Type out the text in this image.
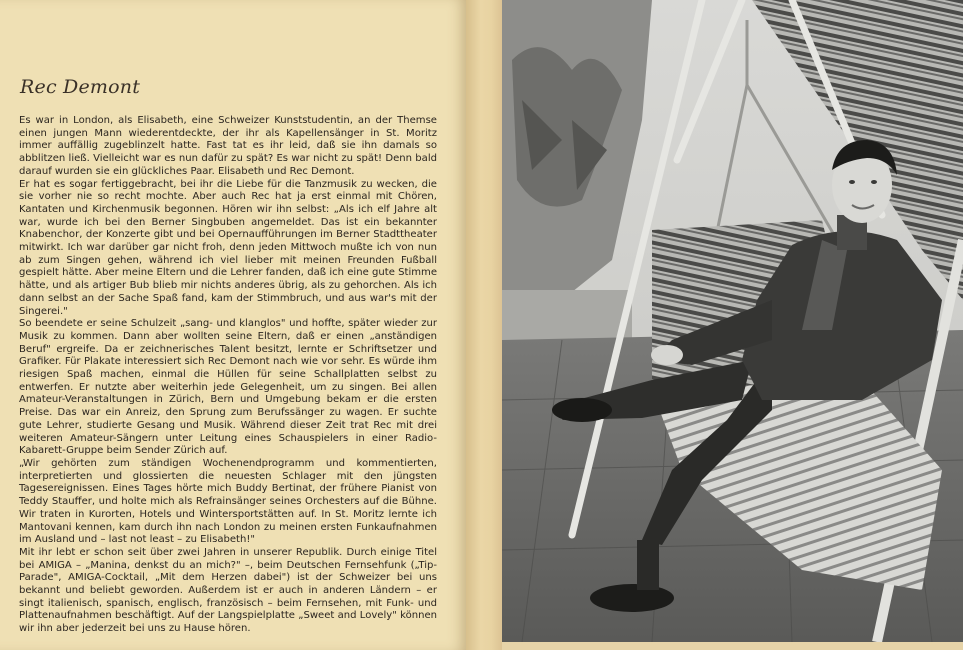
Rec Demont

Es war in London, als Elisabeth, eine Schweizer Kunststudentin, an der Themse einen jungen Mann wiederentdeckte, der ihr als Kapellensänger in St. Moritz immer auffällig zugeblinzelt hatte. Fast tat es ihr leid, daß sie ihn damals so abblitzen ließ. Vielleicht war es nun dafür zu spät? Es war nicht zu spät! Denn bald darauf wurden sie ein glückliches Paar. Elisabeth und Rec Demont.

Er hat es sogar fertiggebracht, bei ihr die Liebe für die Tanzmusik zu wecken, die sie vorher nie so recht mochte. Aber auch Rec hat ja erst einmal mit Chören, Kantaten und Kirchenmusik begonnen. Hören wir ihn selbst: „Als ich elf Jahre alt war, wurde ich bei den Berner Singbuben angemeldet. Das ist ein bekannter Knabenchor, der Konzerte gibt und bei Opernaufführungen im Berner Stadttheater mitwirkt. Ich war darüber gar nicht froh, denn jeden Mittwoch mußte ich von nun ab zum Singen gehen, während ich viel lieber mit meinen Freunden Fußball gespielt hätte. Aber meine Eltern und die Lehrer fanden, daß ich eine gute Stimme hätte, und als artiger Bub blieb mir nichts anderes übrig, als zu gehorchen. Als ich dann selbst an der Sache Spaß fand, kam der Stimmbruch, und aus war's mit der Singerei."

So beendete er seine Schulzeit „sang- und klanglos" und hoffte, später wieder zur Musik zu kommen. Dann aber wollten seine Eltern, daß er einen „anständigen Beruf" ergreife. Da er zeichnerisches Talent besitzt, lernte er Schriftsetzer und Grafiker. Für Plakate interessiert sich Rec Demont nach wie vor sehr. Es würde ihm riesigen Spaß machen, einmal die Hüllen für seine Schallplatten selbst zu entwerfen. Er nutzte aber weiterhin jede Gelegenheit, um zu singen. Bei allen Amateur-Veranstaltungen in Zürich, Bern und Umgebung bekam er die ersten Preise. Das war ein Anreiz, den Sprung zum Berufssänger zu wagen. Er suchte gute Lehrer, studierte Gesang und Musik. Während dieser Zeit trat Rec mit drei weiteren Amateur-Sängern unter Leitung eines Schauspielers in einer Radio-Kabarett-Gruppe beim Sender Zürich auf.

„Wir gehörten zum ständigen Wochenendprogramm und kommentierten, interpretierten und glossierten die neuesten Schlager mit den jüngsten Tagesereignissen. Eines Tages hörte mich Buddy Bertinat, der frühere Pianist von Teddy Stauffer, und holte mich als Refrainsänger seines Orchesters auf die Bühne. Wir traten in Kurorten, Hotels und Wintersportstätten auf. In St. Moritz lernte ich Mantovani kennen, kam durch ihn nach London zu meinen ersten Funkaufnahmen im Ausland und – last not least – zu Elisabeth!"

Mit ihr lebt er schon seit über zwei Jahren in unserer Republik. Durch einige Titel bei AMIGA – „Manina, denkst du an mich?" –, beim Deutschen Fernsehfunk („Tip-Parade", AMIGA-Cocktail, „Mit dem Herzen dabei") ist der Schweizer bei uns bekannt und beliebt geworden. Außerdem ist er auch in anderen Ländern – er singt italienisch, spanisch, englisch, französisch – beim Fernsehen, mit Funk- und Plattenaufnahmen beschäftigt. Auf der Langspielplatte „Sweet and Lovely" können wir ihn aber jederzeit bei uns zu Hause hören.
